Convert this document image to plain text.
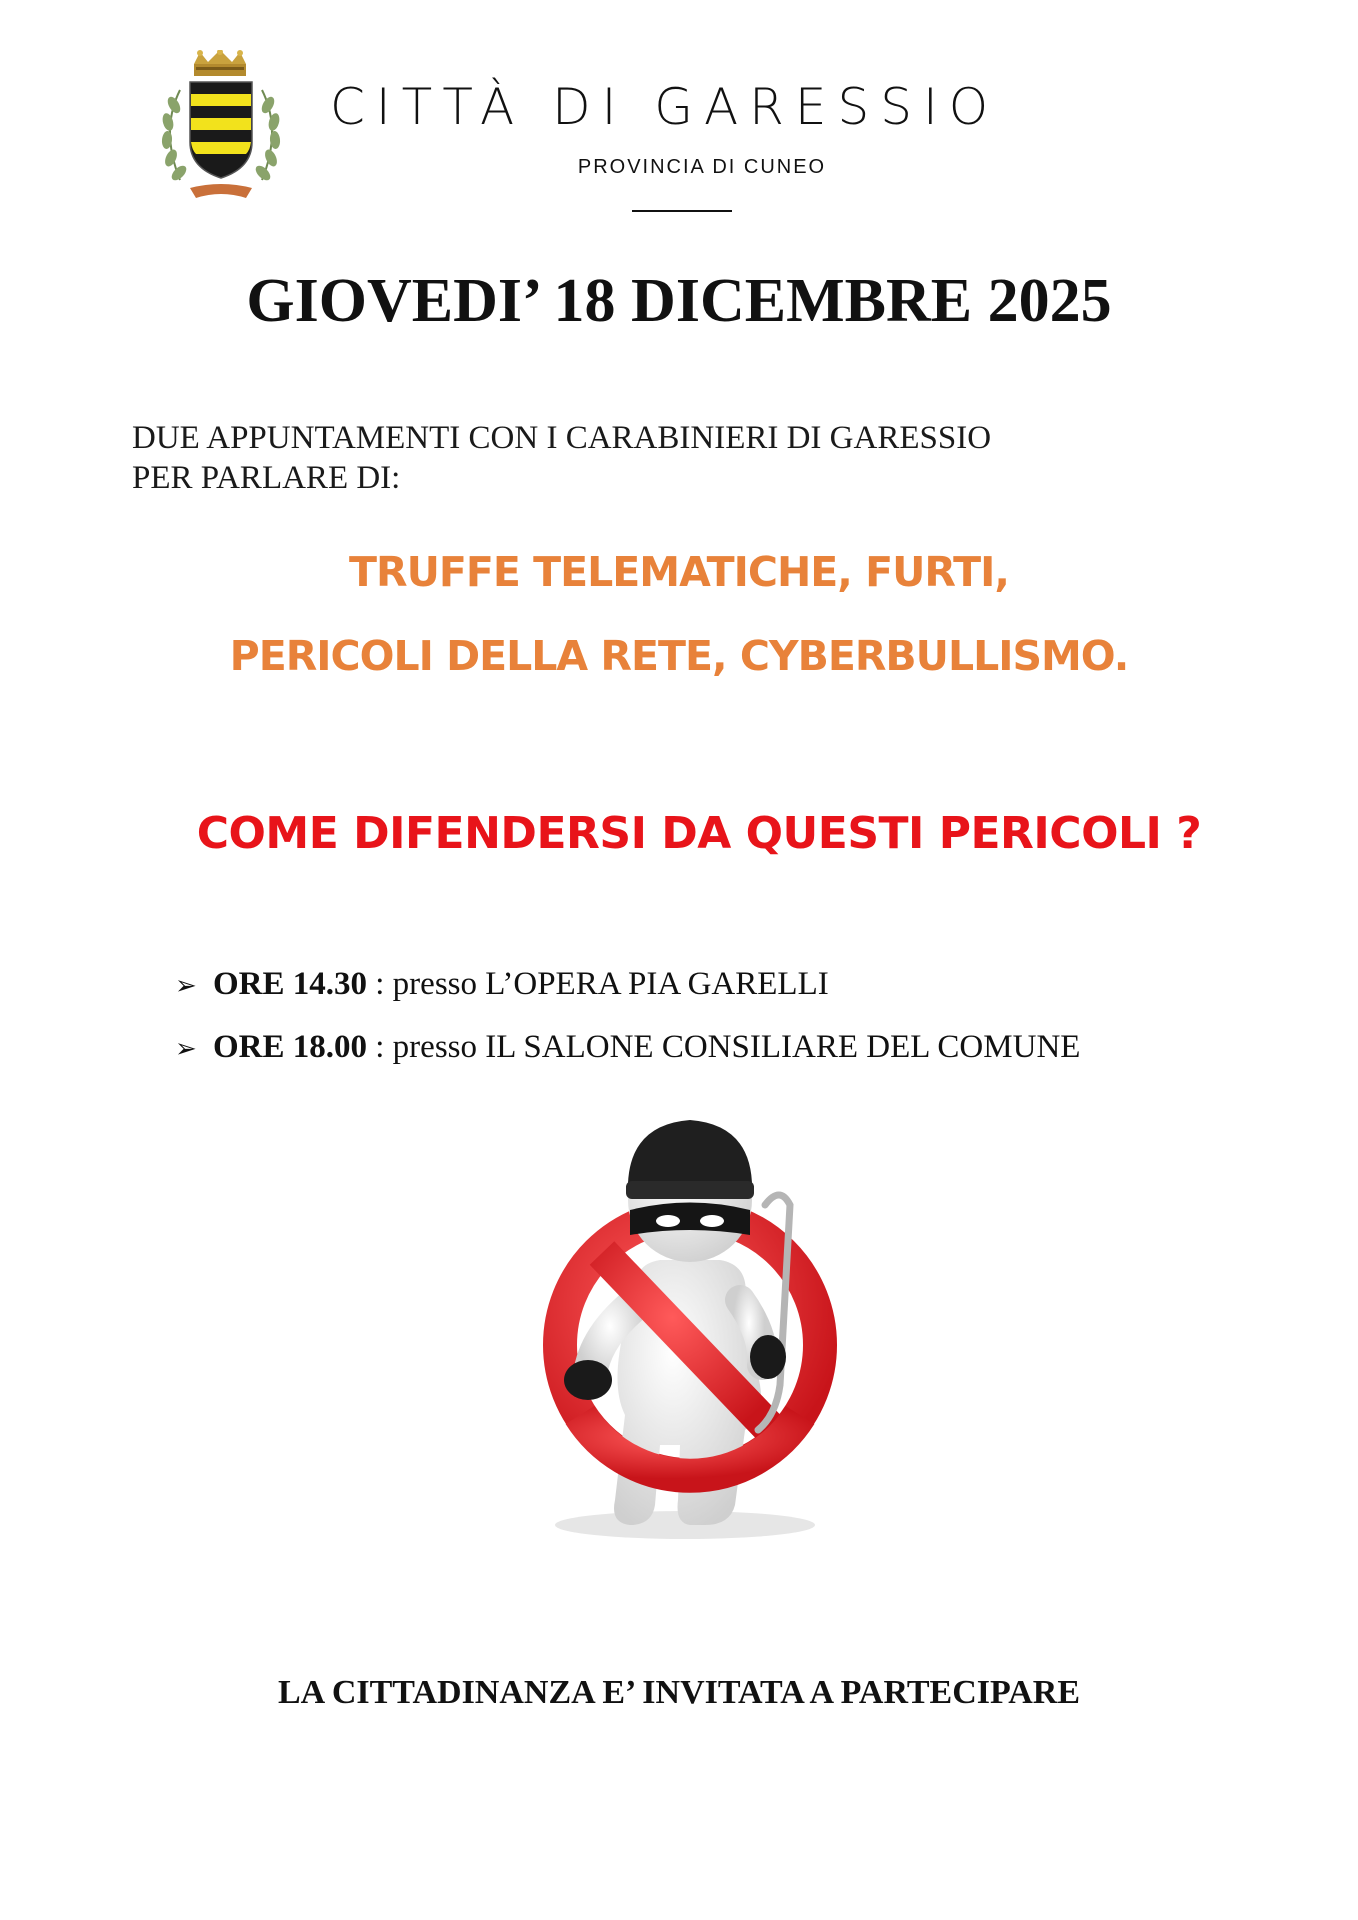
CITTÀ DI GARESSIO
PROVINCIA DI CUNEO
GIOVEDI’ 18 DICEMBRE 2025
DUE APPUNTAMENTI CON I CARABINIERI DI GARESSIO
PER PARLARE DI:
TRUFFE TELEMATICHE, FURTI,
PERICOLI DELLA RETE, CYBERBULLISMO.
COME DIFENDERSI DA QUESTI PERICOLI ?
➢ ORE 14.30 : presso L’OPERA PIA GARELLI
➢ ORE 18.00 : presso IL SALONE CONSILIARE DEL COMUNE
LA CITTADINANZA E’ INVITATA A PARTECIPARE
